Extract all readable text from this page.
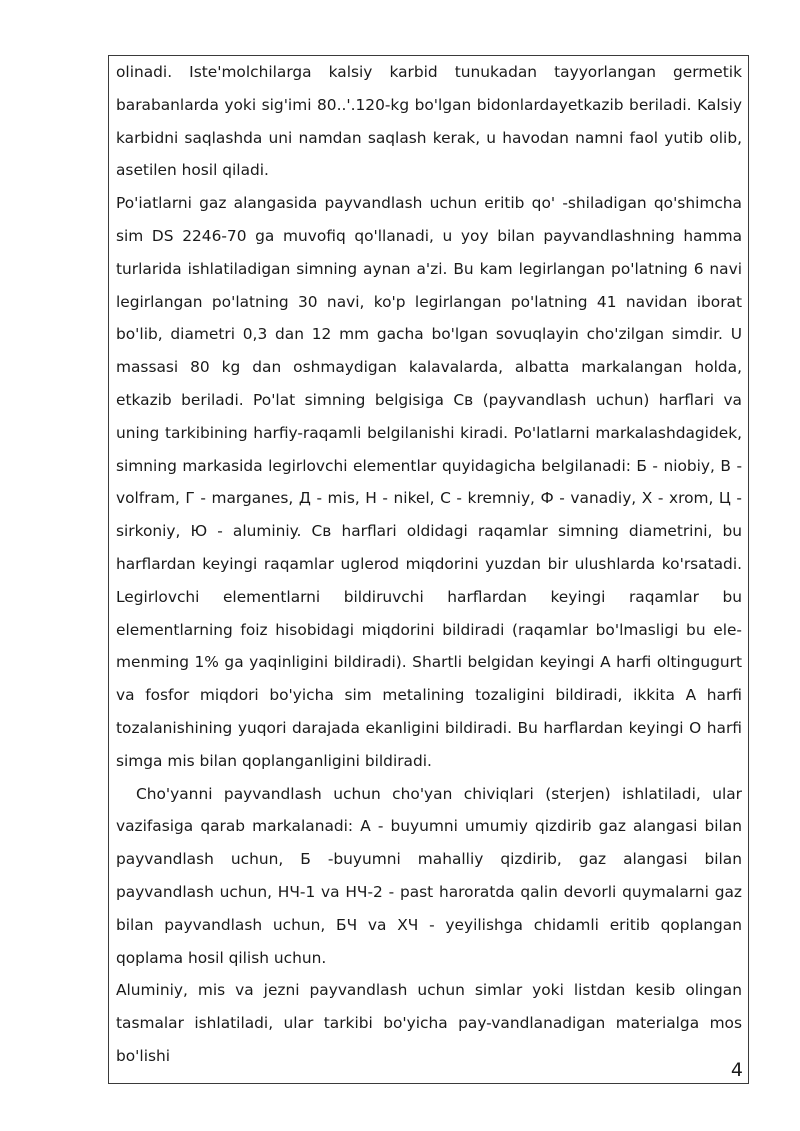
olinadi. Iste'molchilarga kalsiy karbid tunukadan tayyorlangan germetik barabanlarda yoki sig'imi 80..'.120-kg bo'lgan bidonlardayetkazib beriladi. Kalsiy karbidni saqlashda uni namdan saqlash kerak, u havodan namni faol yutib olib, asetilen hosil qiladi.

Po'iatlarni gaz alangasida payvandlash uchun eritib qo' -shiladigan qo'shimcha sim DS 2246-70 ga muvofiq qo'llanadi, u yoy bilan payvandlashning hamma turlarida ishlatiladigan simning aynan a'zi. Bu kam legirlangan po'latning 6 navi legirlangan po'latning 30 navi, ko'p legirlangan po'latning 41 navidan iborat bo'lib, diametri 0,3 dan 12 mm gacha bo'lgan sovuqlayin cho'zilgan simdir. U massasi 80 kg dan oshmaydigan kalavalarda, albatta markalangan holda, etkazib beriladi. Po'lat simning belgisiga Св (payvandlash uchun) harflari va uning tarkibining harfiy-raqamli belgilanishi kiradi. Po'latlarni markalashdagidek, simning markasida legirlovchi elementlar quyidagicha belgilanadi: Б - niobiy, В - volfram, Г - marganes, Д - mis, Н - nikel, С - kremniy, Ф - vanadiy, X - xrom, Ц - sirkoniy, Ю - aluminiy. Св harflari oldidagi raqamlar simning diametrini, bu harflardan keyingi raqamlar uglerod miqdorini yuzdan bir ulushlarda ko'rsatadi. Legirlovchi elementlarni bildiruvchi harflardan keyingi raqamlar bu elementlarning foiz hisobidagi miqdorini bildiradi (raqamlar bo'lmasligi bu ele-menming 1% ga yaqinligini bildiradi). Shartli belgidan keyingi A harfi oltingugurt va fosfor miqdori bo'yicha sim metalining tozaligini bildiradi, ikkita A harfi tozalanishining yuqori darajada ekanligini bildiradi. Bu harflardan keyingi O harfi simga mis bilan qoplanganligini bildiradi.

Cho'yanni payvandlash uchun cho'yan chiviqlari (sterjen) ishlatiladi, ular vazifasiga qarab markalanadi: A - buyumni umumiy qizdirib gaz alangasi bilan payvandlash uchun, Б -buyumni mahalliy qizdirib, gaz alangasi bilan payvandlash uchun, НЧ-1 va НЧ-2 - past haroratda qalin devorli quymalarni gaz bilan payvandlash uchun, БЧ va ХЧ - yeyilishga chidamli eritib qoplangan qoplama hosil qilish uchun.

Aluminiy, mis va jezni payvandlash uchun simlar yoki listdan kesib olingan tasmalar ishlatiladi, ular tarkibi bo'yicha pay-vandlanadigan materialga mos bo'lishi

4
